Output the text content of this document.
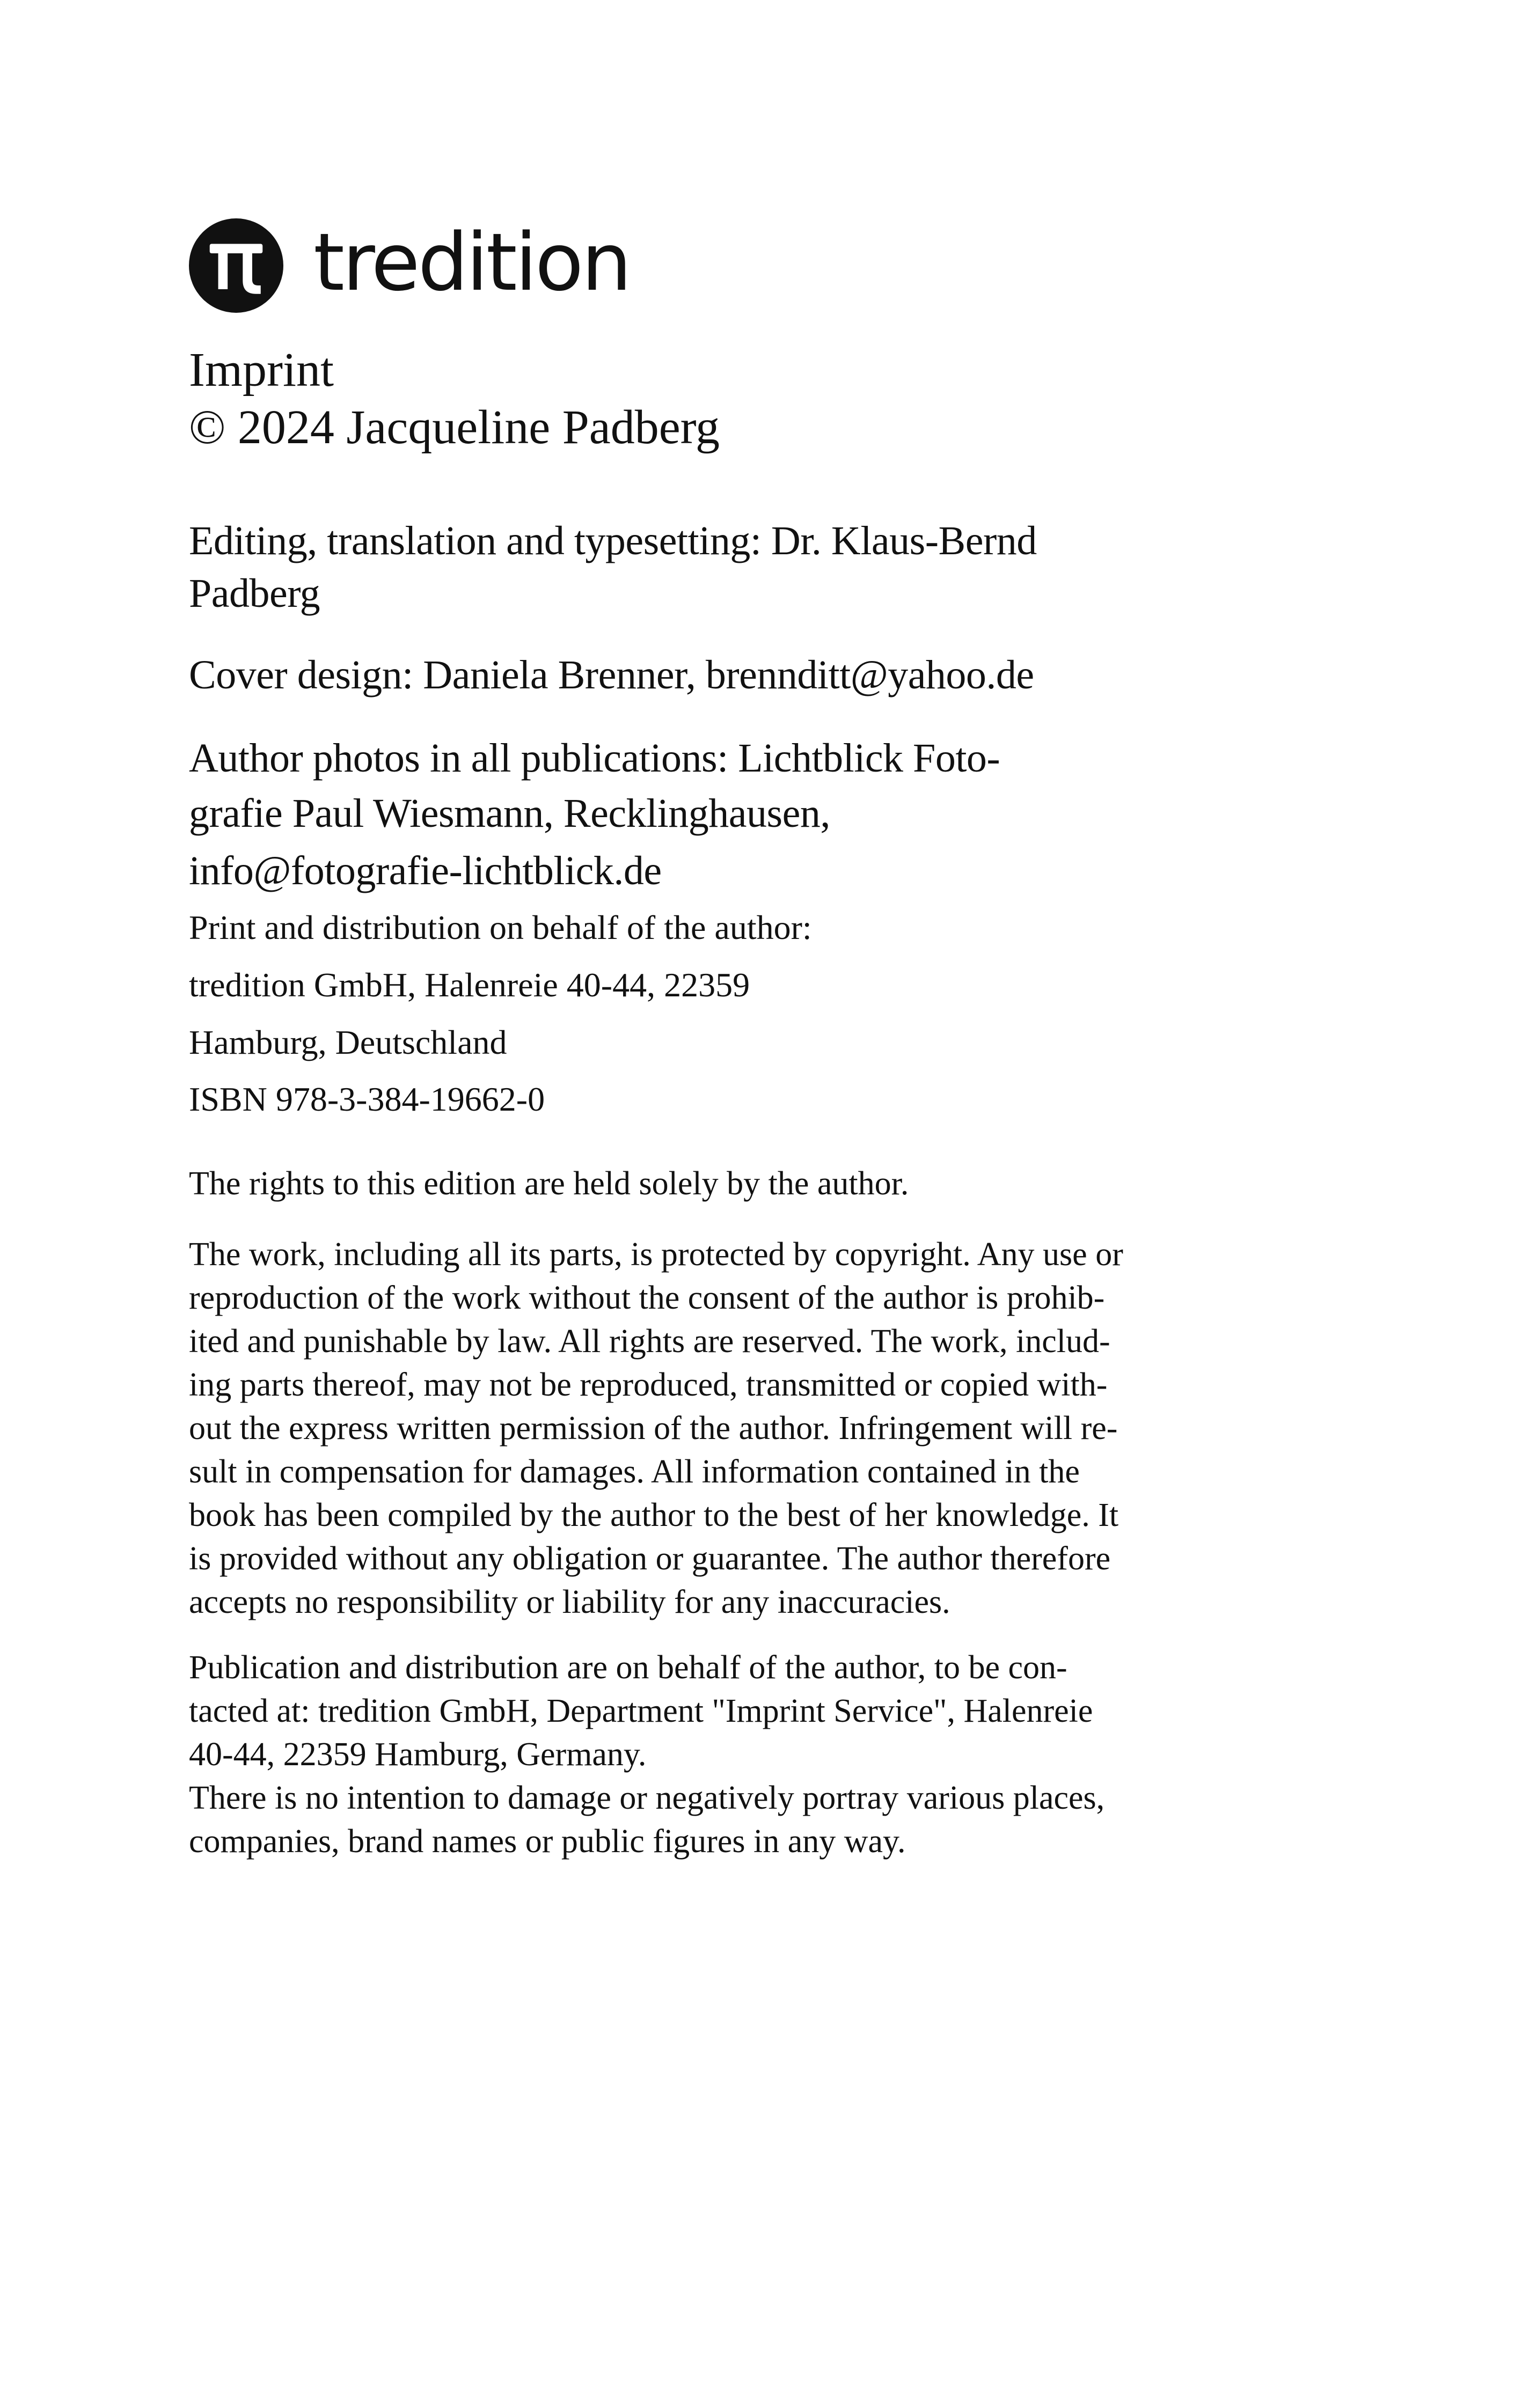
tredition

Imprint

© 2024 Jacqueline Padberg

Editing, translation and typesetting: Dr. Klaus-Bernd

Padberg

Cover design: Daniela Brenner, brennditt@yahoo.de

Author photos in all publications: Lichtblick Foto-

grafie Paul Wiesmann, Recklinghausen,

info@fotografie-lichtblick.de

Print and distribution on behalf of the author:

tredition GmbH, Halenreie 40-44, 22359

Hamburg, Deutschland

ISBN 978-3-384-19662-0

The rights to this edition are held solely by the author.

The work, including all its parts, is protected by copyright. Any use or
reproduction of the work without the consent of the author is prohib-
ited and punishable by law. All rights are reserved. The work, includ-
ing parts thereof, may not be reproduced, transmitted or copied with-
out the express written permission of the author. Infringement will re-
sult in compensation for damages. All information contained in the
book has been compiled by the author to the best of her knowledge. It
is provided without any obligation or guarantee. The author therefore
accepts no responsibility or liability for any inaccuracies.
Publication and distribution are on behalf of the author, to be con-
tacted at: tredition GmbH, Department "Imprint Service", Halenreie
40-44, 22359 Hamburg, Germany.
There is no intention to damage or negatively portray various places,
companies, brand names or public figures in any way.
